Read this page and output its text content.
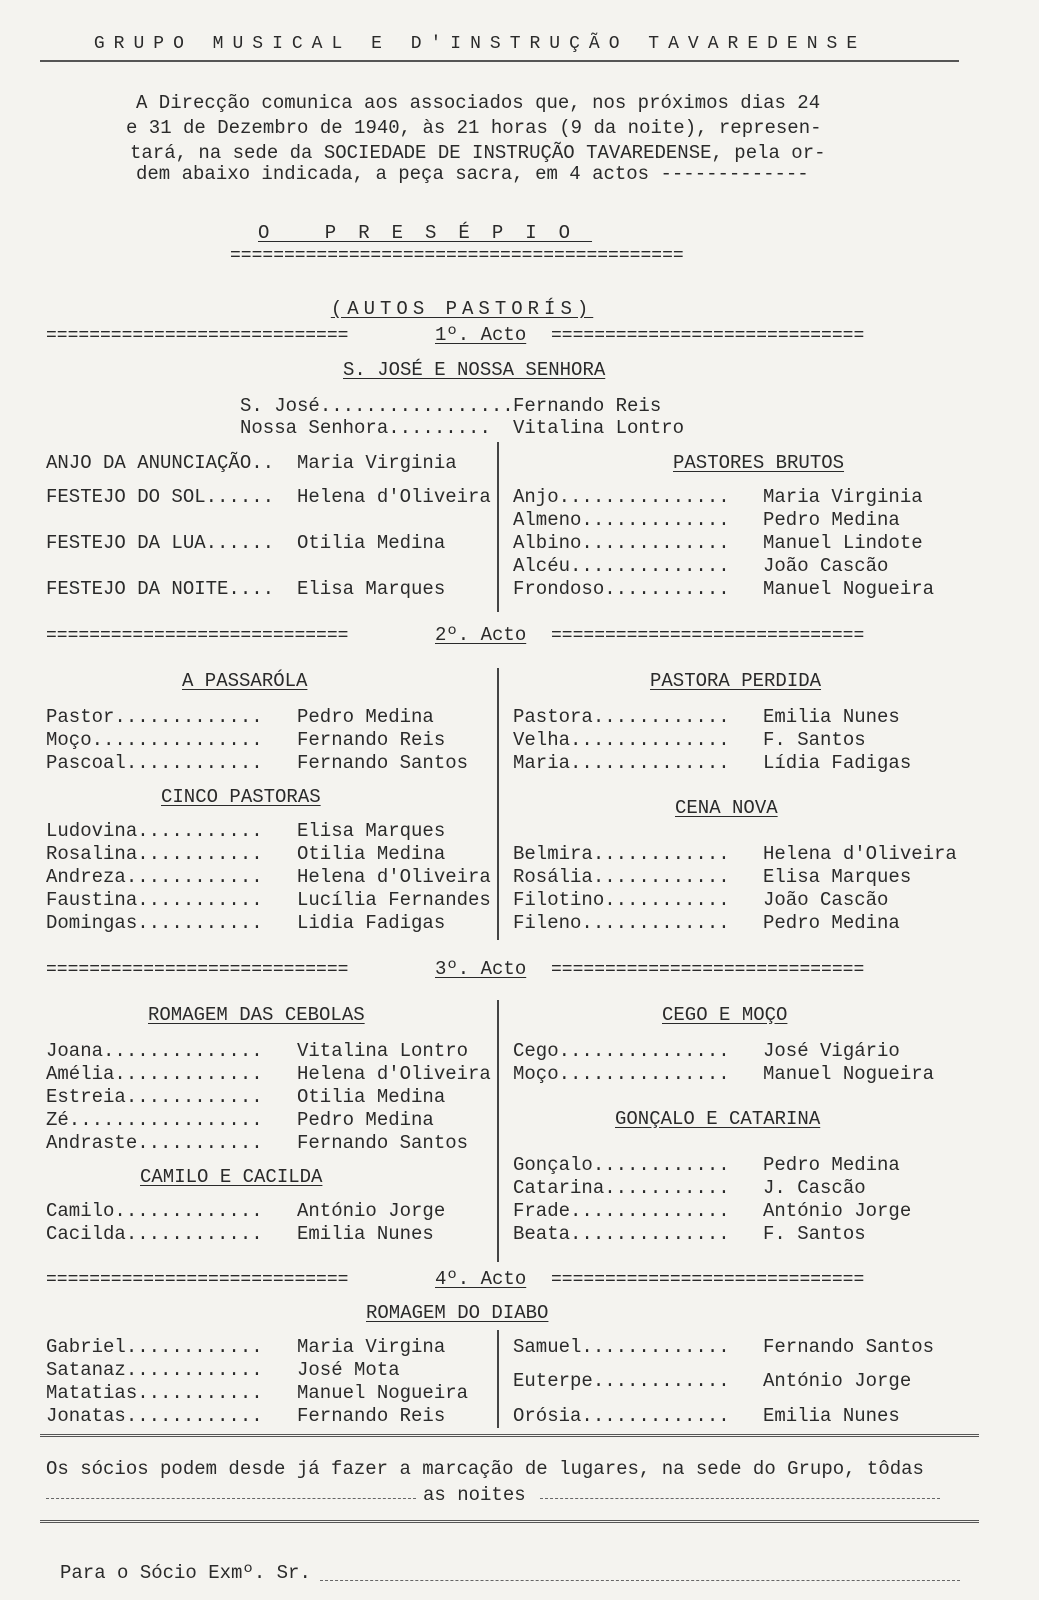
GRUPO MUSICAL E D'INSTRUÇÃO TAVAREDENSE
A Direcção comunica aos associados que, nos próximos dias 24
e 31 de Dezembro de 1940, às 21 horas (9 da noite), represen-
tará, na sede da SOCIEDADE DE INSTRUÇÃO TAVAREDENSE, pela or-
dem abaixo indicada, a peça sacra, em 4 actos -------------
O PRESÉPIO
==========================================

(AUTOS PASTORÍS)

============================	1º. Acto =============================
S. JOSÉ E NOSSA SENHORA
S. José................. Fernando Reis
Nossa Senhora......... Vitalina Lontro
ANJO DA ANUNCIAÇÃO.. Maria Virginia
FESTEJO DO SOL...... Helena d'Oliveira
FESTEJO DA LUA...... Otilia Medina
FESTEJO DA NOITE.... Elisa Marques
PASTORES BRUTOS
Anjo............... Maria Virginia
Almeno............. Pedro Medina
Albino............. Manuel Lindote
Alcéu.............. João Cascão
Frondoso........... Manuel Nogueira
============================	2º. Acto =============================
A PASSARÓLA
Pastor............. Pedro Medina
Moço............... Fernando Reis
Pascoal............ Fernando Santos
CINCO PASTORAS
Ludovina........... Elisa Marques
Rosalina........... Otilia Medina
Andreza............ Helena d'Oliveira
Faustina........... Lucília Fernandes
Domingas........... Lidia Fadigas
PASTORA PERDIDA
Pastora............ Emilia Nunes
Velha.............. F. Santos
Maria.............. Lídia Fadigas
CENA NOVA
Belmira............ Helena d'Oliveira
Rosália............ Elisa Marques
Filotino........... João Cascão
Fileno............. Pedro Medina
============================	3º. Acto =============================
ROMAGEM DAS CEBOLAS
Joana.............. Vitalina Lontro
Amélia............. Helena d'Oliveira
Estreia............ Otilia Medina
Zé................. Pedro Medina
Andraste........... Fernando Santos
CAMILO E CACILDA
Camilo............. António Jorge
Cacilda............ Emilia Nunes
CEGO E MOÇO
Cego............... José Vigário
Moço............... Manuel Nogueira
GONÇALO E CATARINA
Gonçalo............ Pedro Medina
Catarina........... J. Cascão
Frade.............. António Jorge
Beata.............. F. Santos
============================	4º. Acto =============================
ROMAGEM DO DIABO
Gabriel............ Maria Virgina
Satanaz............ José Mota
Matatias........... Manuel Nogueira
Jonatas............ Fernando Reis
Samuel............. Fernando Santos
Euterpe............ António Jorge
Orósia............. Emilia Nunes
Os sócios podem desde já fazer a marcação de lugares, na sede do Grupo, tôdas
as noites
Para o Sócio Exmº. Sr.
